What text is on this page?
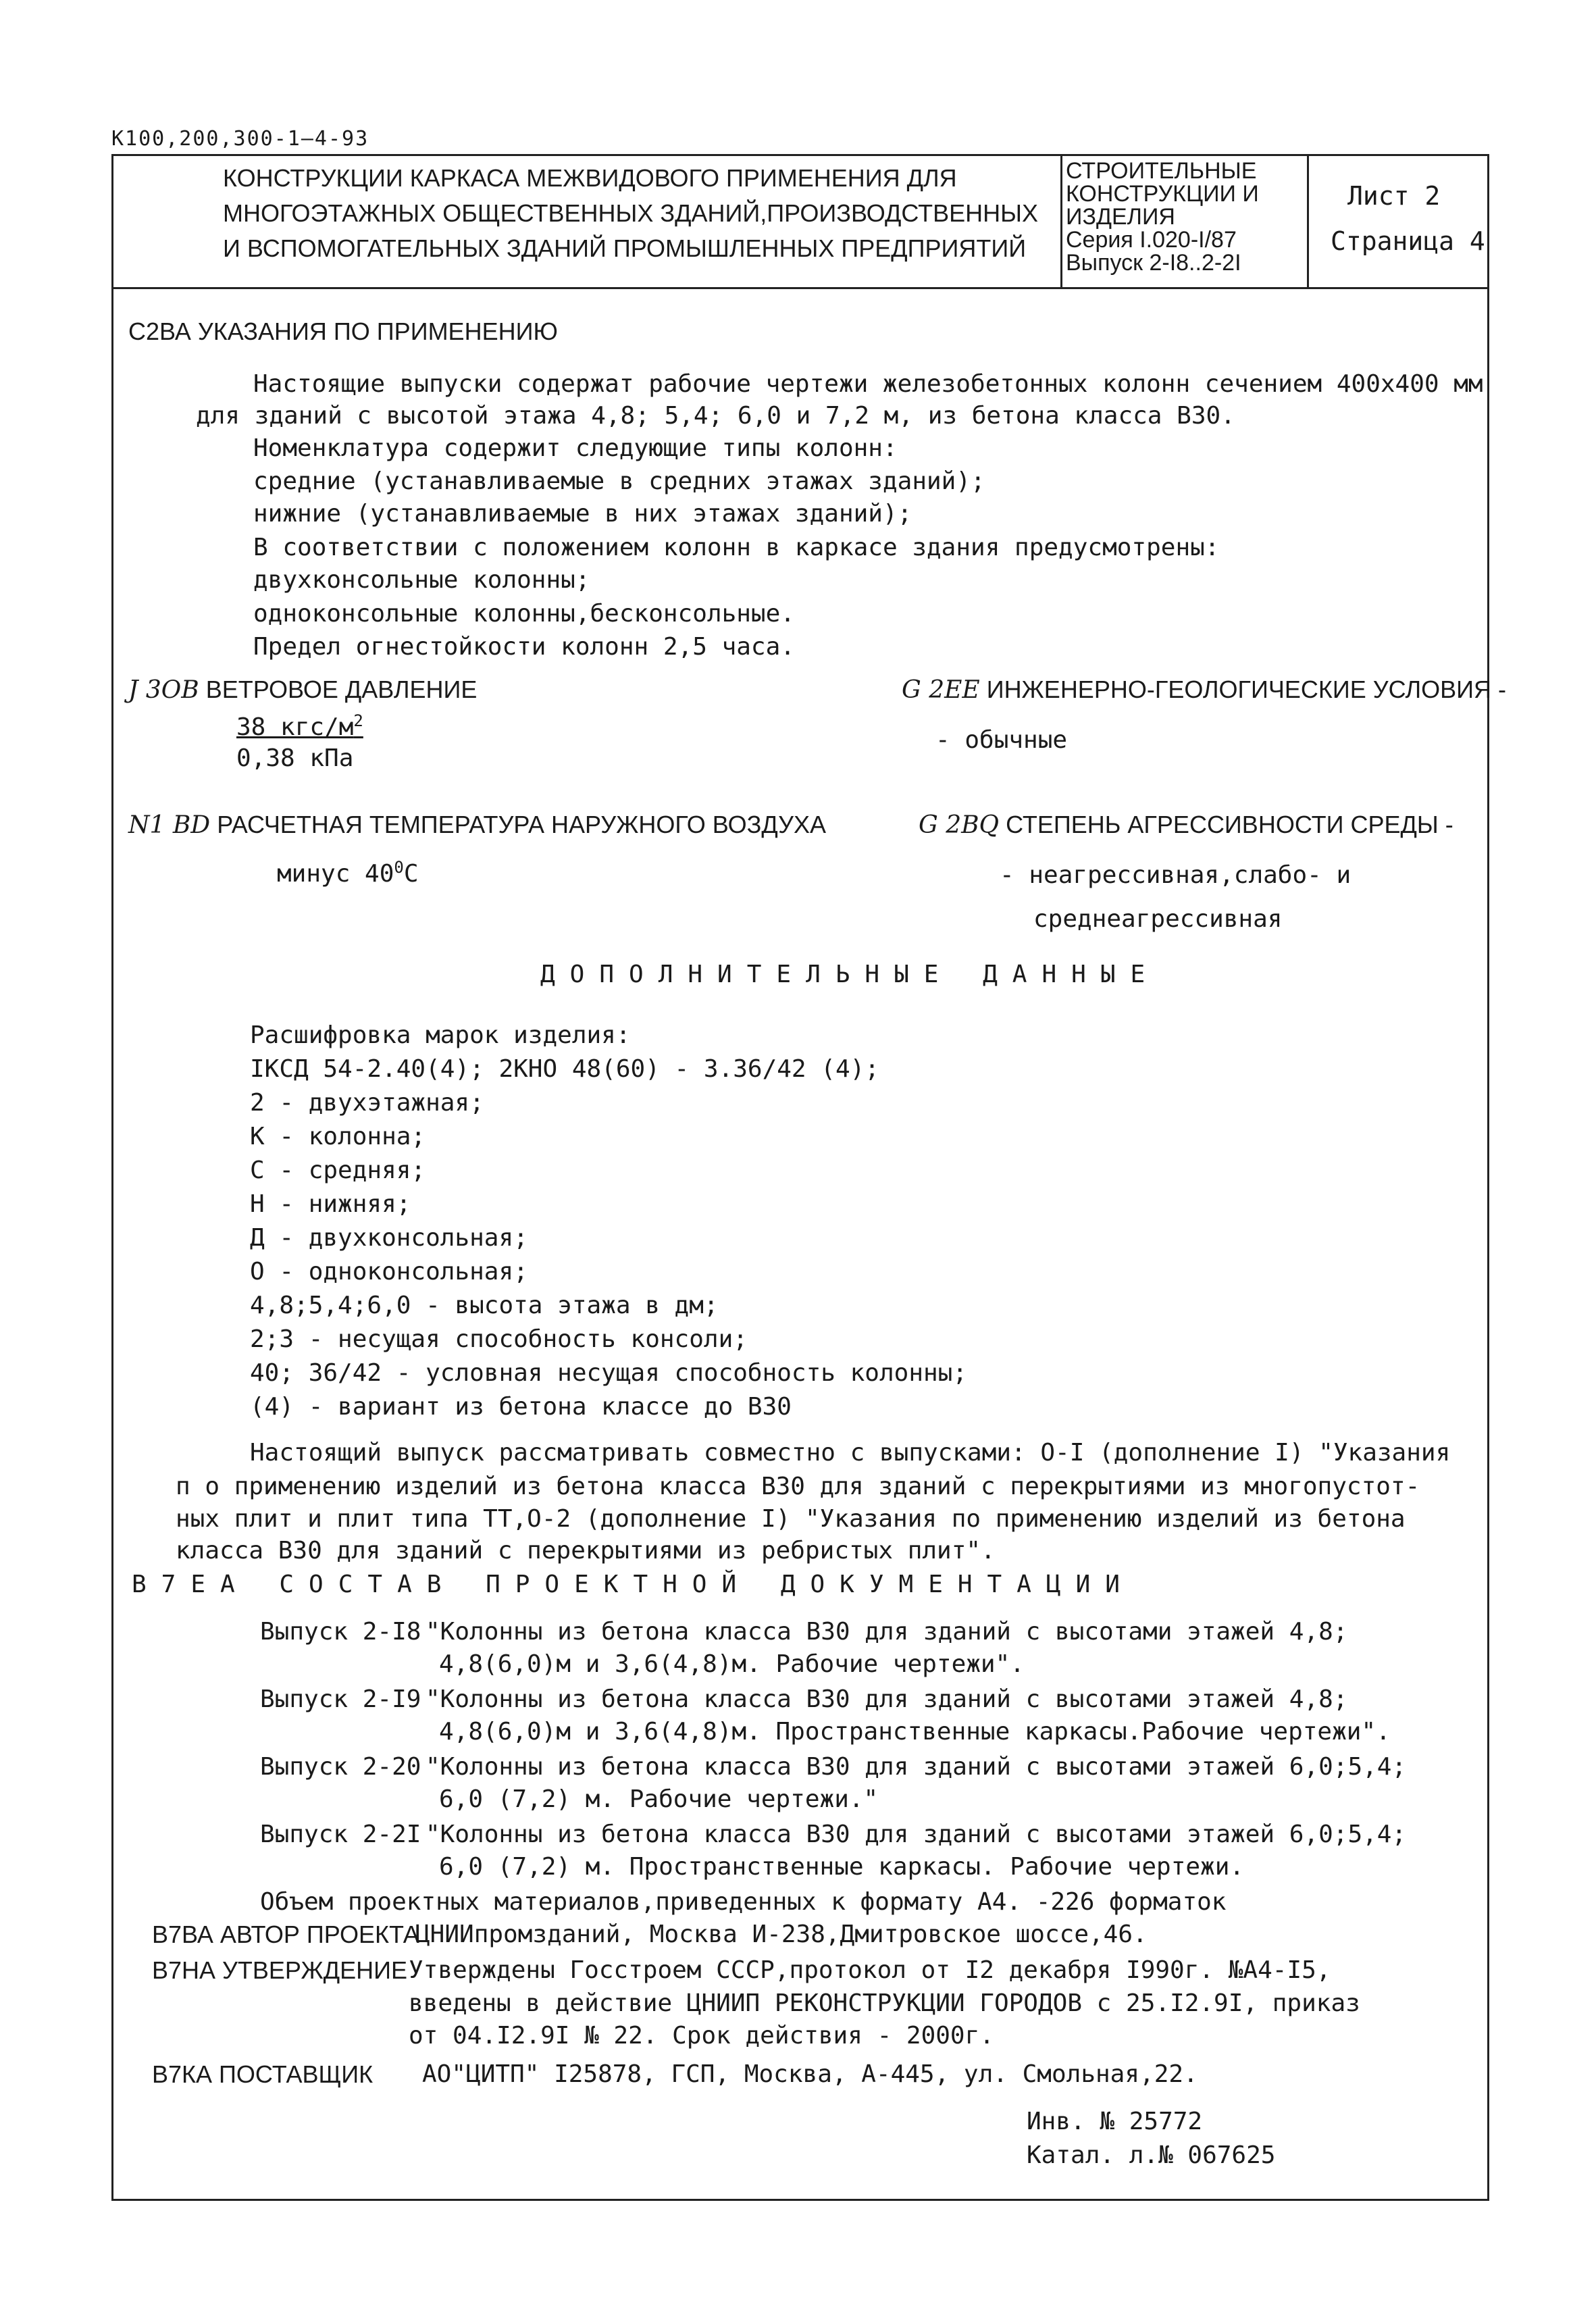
К100,200,300-1—4-93
КОНСТРУКЦИИ КАРКАСА МЕЖВИДОВОГО ПРИМЕНЕНИЯ ДЛЯ
МНОГОЭТАЖНЫХ ОБЩЕСТВЕННЫХ ЗДАНИЙ,ПРОИЗВОДСТВЕННЫХ
И ВСПОМОГАТЕЛЬНЫХ ЗДАНИЙ ПРОМЫШЛЕННЫХ ПРЕДПРИЯТИЙ
СТРОИТЕЛЬНЫЕ
КОНСТРУКЦИИ И
ИЗДЕЛИЯ
Серия I.020-I/87
Выпуск 2-I8..2-2I
Лист 2
Страница 4
С2ВА УКАЗАНИЯ ПО ПРИМЕНЕНИЮ
Настоящие выпуски содержат рабочие чертежи железобетонных колонн сечением 400х400 мм
для зданий с высотой этажа 4,8; 5,4; 6,0 и 7,2 м, из бетона класса В30.
Номенклатура содержит следующие типы колонн:
средние (устанавливаемые в средних этажах зданий);
нижние (устанавливаемые в них этажах зданий);
В соответствии с положением колонн в каркасе здания предусмотрены:
двухконсольные колонны;
одноконсольные колонны,бесконсольные.
Предел огнестойкости колонн 2,5 часа.
Ј 3ОВ ВЕТРОВОЕ ДАВЛЕНИЕ
38 кгс/$м^2$
0,38 кПа
G 2ЕЕ ИНЖЕНЕРНО-ГЕОЛОГИЧЕСКИЕ УСЛОВИЯ -
- обычные
N1 BD РАСЧЕТНАЯ ТЕМПЕРАТУРА НАРУЖНОГО ВОЗДУХА
минус $40^0С$
G 2BQ СТЕПЕНЬ АГРЕССИВНОСТИ СРЕДЫ -
- неагрессивная,слабо- и
среднеагрессивная
ДОПОЛНИТЕЛЬНЫЕ ДАННЫЕ
Расшифровка марок изделия:
IКСД 54-2.40(4); 2КНО 48(60) - 3.36/42 (4);
2 - двухэтажная;
К - колонна;
С - средняя;
Н - нижняя;
Д - двухконсольная;
О - одноконсольная;
4,8;5,4;6,0 - высота этажа в дм;
2;3 - несущая способность консоли;
40; 36/42 - условная несущая способность колонны;
(4) - вариант из бетона классе до В30
Настоящий выпуск рассматривать совместно с выпусками: О-I (дополнение I) "Указания
п о применению изделий из бетона класса В30 для зданий с перекрытиями из многопустот-
ных плит и плит типа ТТ,О-2 (дополнение I) "Указания по применению изделий из бетона
класса В30 для зданий с перекрытиями из ребристых плит".
В7ЕА СОСТАВ ПРОЕКТНОЙ ДОКУМЕНТАЦИИ
Выпуск 2-I8 "Колонны из бетона класса В30 для зданий с высотами этажей 4,8;
4,8(6,0)м и 3,6(4,8)м. Рабочие чертежи".
Выпуск 2-I9 "Колонны из бетона класса В30 для зданий с высотами этажей 4,8;
4,8(6,0)м и 3,6(4,8)м. Пространственные каркасы.Рабочие чертежи".
Выпуск 2-20 "Колонны из бетона класса В30 для зданий с высотами этажей 6,0;5,4;
6,0 (7,2) м. Рабочие чертежи."
Выпуск 2-2I "Колонны из бетона класса В30 для зданий с высотами этажей 6,0;5,4;
6,0 (7,2) м. Пространственные каркасы. Рабочие чертежи.
Объем проектных материалов,приведенных к формату А4. -226 форматок
В7ВА АВТОР ПРОЕКТА
ЦНИИпромзданий, Москва И-238,Дмитровское шоссе,46.
В7НА УТВЕРЖДЕНИЕ Утверждены Госстроем СССР,протокол от I2 декабря I990г. №А4-I5,
введены в действие ЦНИИП РЕКОНСТРУКЦИИ ГОРОДОВ с 25.I2.9I, приказ
от 04.I2.9I № 22. Срок действия - 2000г.
В7КА ПОСТАВЩИК АО"ЦИТП" I25878, ГСП, Москва, А-445, ул. Смольная,22.
Инв. № 25772
Катал. л.№ 067625
